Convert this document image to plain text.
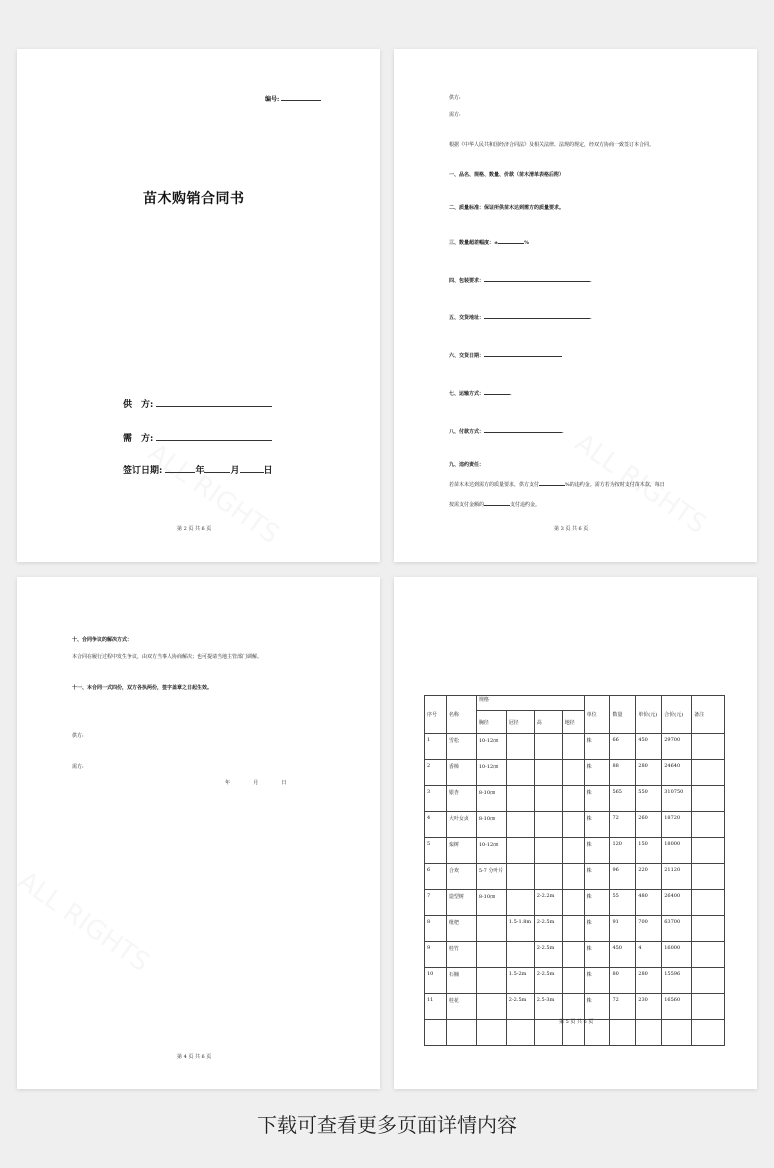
编号:
苗木购销合同书
供　方:
需　方:
签订日期:	年	月	日
第 2 页 共 6 页
供方:
需方:
根据《中华人民共和国经济合同法》及相关法律、法规的规定，经双方协商一致签订本合同。
一、品名、规格、数量、价款（苗木清单表格后附）
二、质量标准：保证所供苗木达到需方的质量要求。
三、数量超差幅度：±	%
四、包装要求：	.
五、交货地址：	.
六、交货日期：
七、运输方式：	.
八、付款方式：	.
九、违约责任：
若苗木未达到需方的质量要求，供方支付	%的违约金。需方若为按时支付苗木款，每日
按需支付金额的	支付违约金。
第 3 页 共 6 页
十、合同争议的解决方式：
本合同在履行过程中发生争议，由双方当事人协商解决；也可提请当地主管部门调解。
十一、本合同一式四份，双方各执两份，签字盖章之日起生效。
供方:
需方:
年	月	日
第 4 页 共 6 页
序号	名称	规格				单位	数量	单价(元)	合价(元)	备注
		胸径	冠径	高	地径					
1	雪松	10-12㎝				株	66	450	29700	
2	香樟	10-12㎝				株	88	280	24640	
3	银杏	8-10㎝				株	565	550	310750	
4	大叶女贞	8-10㎝				株	72	260	18720	
5	栾树	10-12㎝				株	120	150	18000	
6	合欢	5-7 分叶片				株	96	220	21120	
7	造型树	8-10㎝		2-2.2m		株	55	480	26400	
8	枇杷		1.5-1.8m	2-2.5m		株	91	700	63700	
9	桂竹			2-2.5m		株	450	4	16000	
10	石楠		1.5-2m	2-2.5m		株	80	280	15596	
11	桂花		2-2.5m	2.5-3m		株	72	230	16560	

第 5 页 共 6 页
下载可查看更多页面详情内容
